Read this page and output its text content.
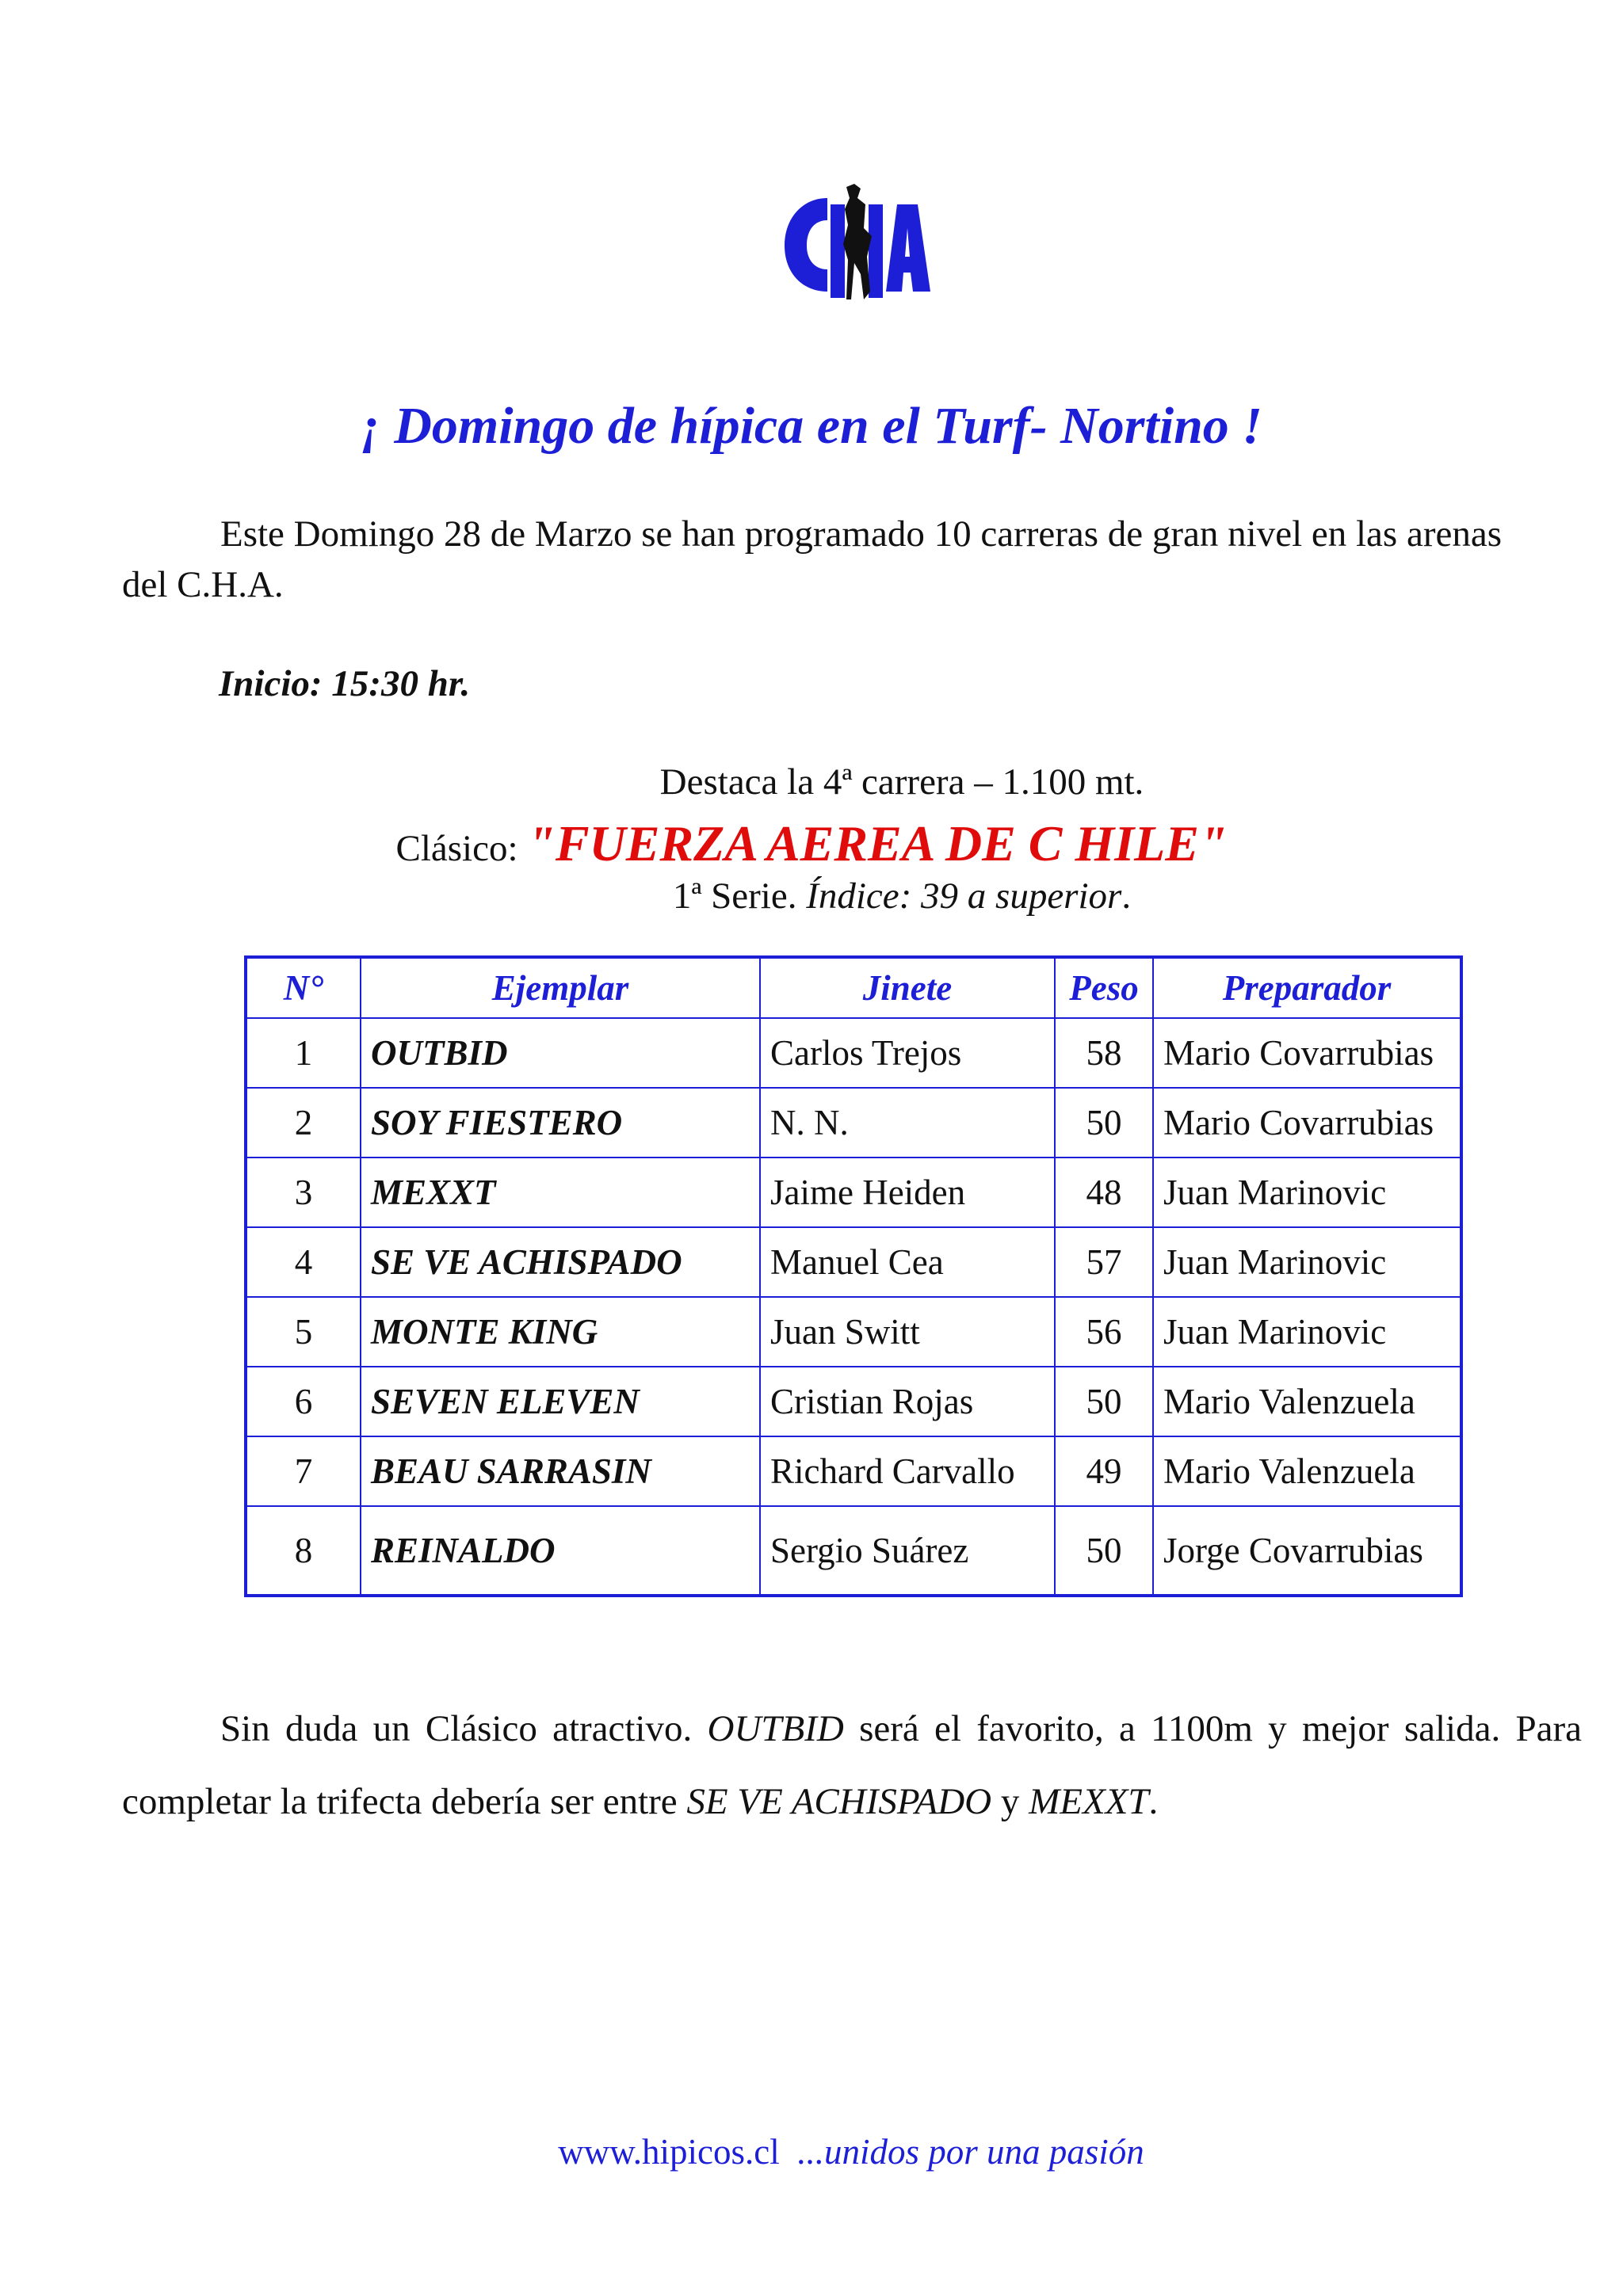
CHA
¡ Domingo de hípica en el Turf- Nortino !
Este Domingo 28 de Marzo se han programado 10 carreras de gran nivel en las arenas del C.H.A.
Inicio: 15:30 hr.
Destaca la 4ª carrera – 1.100 mt.
Clásico: "FUERZA AEREA DE C HILE"
1ª Serie. Índice: 39 a superior.
N°	Ejemplar	Jinete	Peso	Preparador
1	OUTBID	Carlos Trejos	58	Mario Covarrubias
2	SOY FIESTERO	N. N.	50	Mario Covarrubias
3	MEXXT	Jaime Heiden	48	Juan Marinovic
4	SE VE ACHISPADO	Manuel Cea	57	Juan Marinovic
5	MONTE KING	Juan Switt	56	Juan Marinovic
6	SEVEN ELEVEN	Cristian Rojas	50	Mario Valenzuela
7	BEAU SARRASIN	Richard Carvallo	49	Mario Valenzuela
8	REINALDO	Sergio Suárez	50	Jorge Covarrubias
Sin duda un Clásico atractivo. OUTBID será el favorito, a 1100m y mejor salida. Para completar la trifecta debería ser entre SE VE ACHISPADO y MEXXT.
www.hipicos.cl ...unidos por una pasión
